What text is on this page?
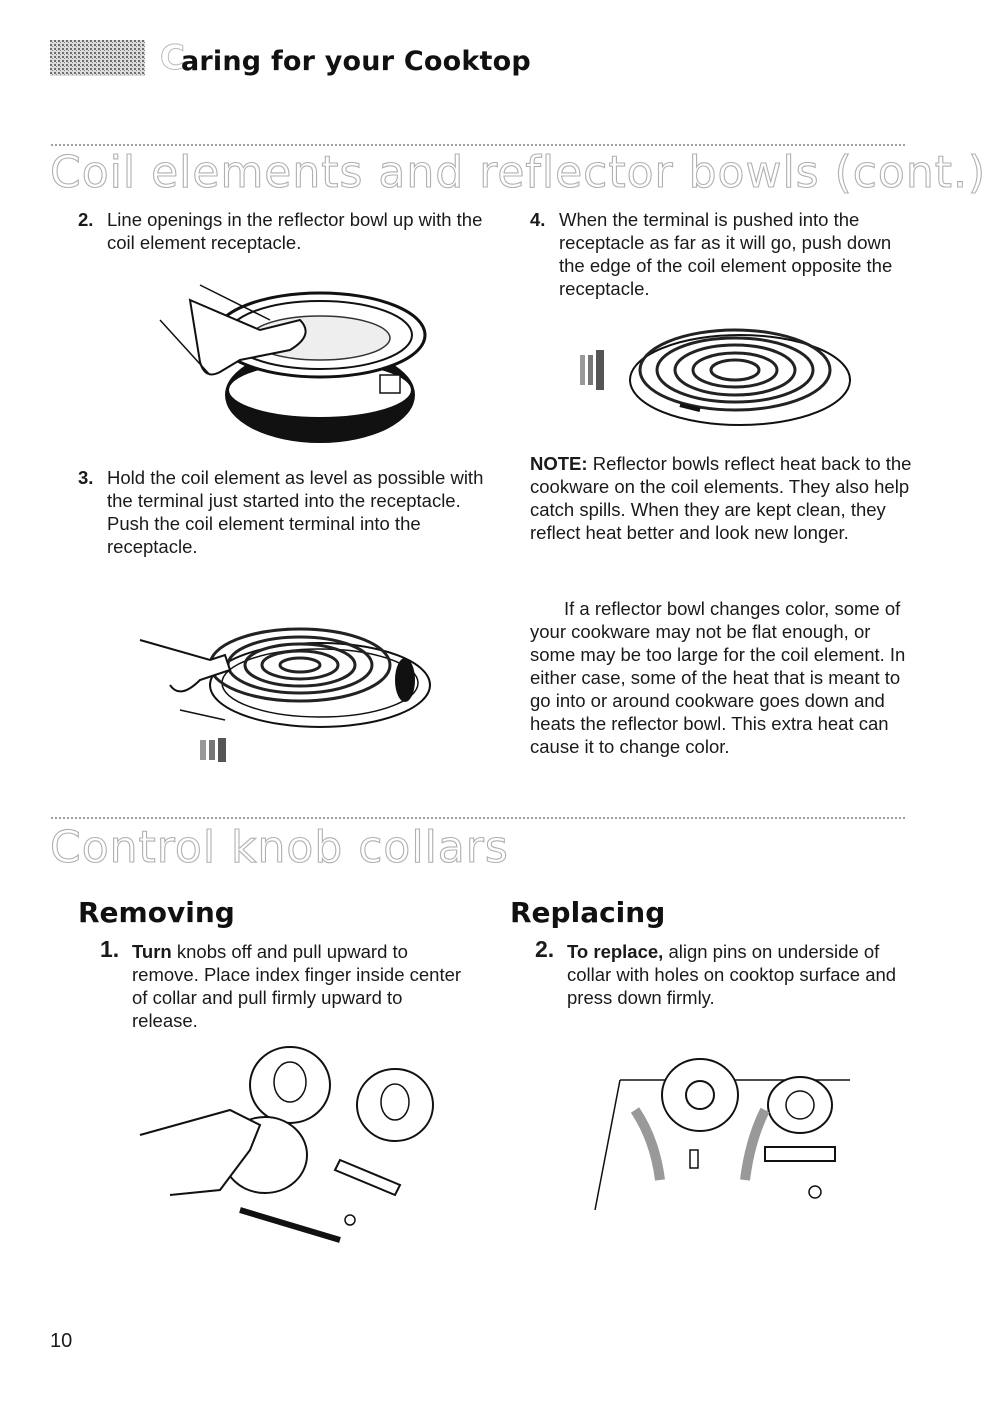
C
aring for your Cooktop
Coil elements and reflector bowls (cont.)
2. Line openings in the reflector bowl up with the coil element receptacle.
3. Hold the coil element as level as possible with the terminal just started into the receptacle. Push the coil element terminal into the receptacle.
4. When the terminal is pushed into the receptacle as far as it will go, push down the edge of the coil element opposite the receptacle.
NOTE: Reflector bowls reflect heat back to the cookware on the coil elements. They also help catch spills. When they are kept clean, they reflect heat better and look new longer.
If a reflector bowl changes color, some of your cookware may not be flat enough, or some may be too large for the coil element. In either case, some of the heat that is meant to go into or around cookware goes down and heats the reflector bowl. This extra heat can cause it to change color.
Control knob collars
Removing	Replacing
1. Turn knobs off and pull upward to remove. Place index finger inside center of collar and pull firmly upward to release.
2. To replace, align pins on underside of collar with holes on cooktop surface and press down firmly.
10
